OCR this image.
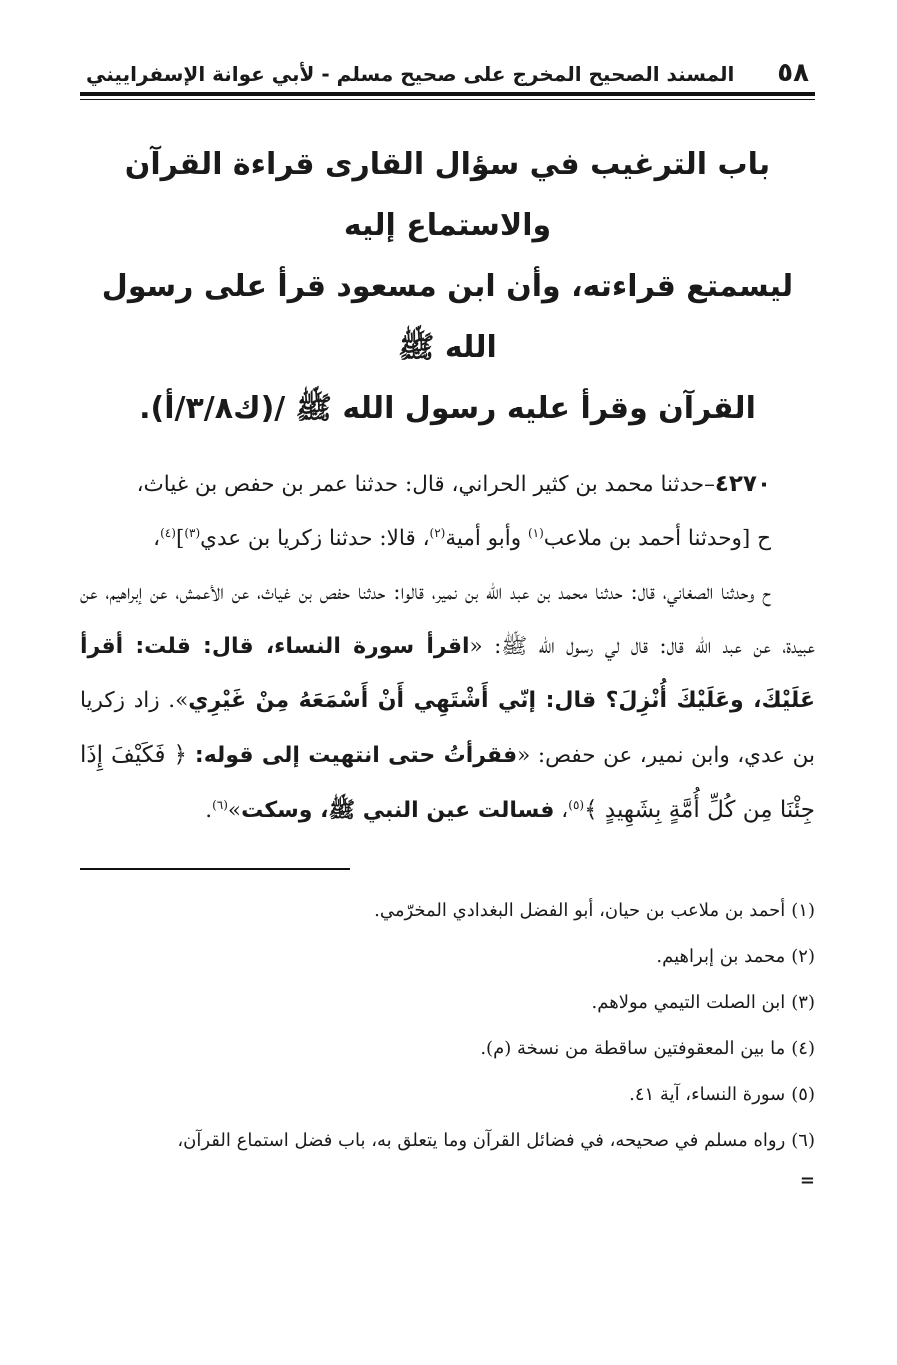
٥٨
المسند الصحيح المخرج على صحيح مسلم - لأبي عوانة الإسفراييني
باب الترغيب في سؤال القارى قراءة القرآن والاستماع إليه
ليسمتع قراءته، وأن ابن مسعود قرأ على رسول الله ﷺ
القرآن وقرأ عليه رسول الله ﷺ /(ك٣/٨/أ).

٤٢٧٠–حدثنا محمد بن كثير الحراني، قال: حدثنا عمر بن حفص بن غياث،

ح [وحدثنا أحمد بن ملاعب$^{(١)}$ وأبو أمية$^{(٢)}$، قالا: حدثنا زكريا بن عدي$^{(٣)}$]$^{(٤)}$،

ح وحدثنا الصغاني، قال: حدثنا محمد بن عبد الله بن نمير، قالوا: حدثنا حفص بن غياث، عن الأعمش، عن إبراهيم، عن عبيدة، عن عبد الله قال: قال لي رسول الله ﷺ: «اقرأ سورة النساء، قال: قلت: أقرأ عَلَيْكَ، وعَلَيْكَ أُنْزِلَ؟ قال: إنّي أَشْتَهِي أَنْ أَسْمَعَهُ مِنْ غَيْرِي». زاد زكريا بن عدي، وابن نمير، عن حفص: «فقرأتُ حتى انتهيت إلى قوله: ﴿ فَكَيْفَ إِذَا جِئْنَا مِن كُلِّ أُمَّةٍ بِشَهِيدٍ ﴾$^{(٥)}$، فسالت عين النبي ﷺ، وسكت»$^{(٦)}$.

(١)أحمد بن ملاعب بن حيان، أبو الفضل البغدادي المخرّمي.

(٢)محمد بن إبراهيم.

(٣)ابن الصلت التيمي مولاهم.

(٤)ما بين المعقوفتين ساقطة من نسخة (م).

(٥)سورة النساء، آية ٤١.

(٦)رواه مسلم في صحيحه، في فضائل القرآن وما يتعلق به، باب فضل استماع القرآن،

=
